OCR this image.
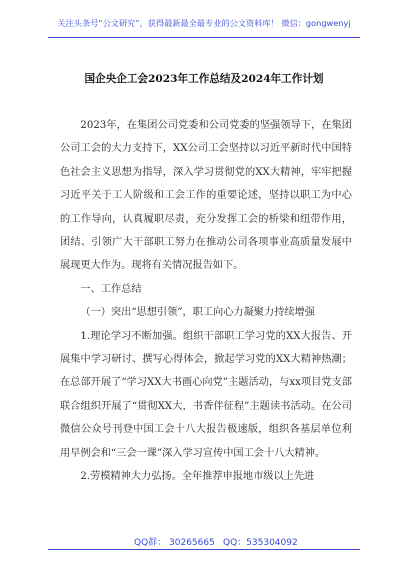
关注头条号“公文研究”，获得最新最全最专业的公文资料库！ 微信：gongwenyj
国企央企工会2023年工作总结及2024年工作计划

2023年，在集团公司党委和公司党委的坚强领导下，在集团公司工会的大力支持下，XX公司工会坚持以习近平新时代中国特色社会主义思想为指导，深入学习贯彻党的XX大精神，牢牢把握习近平关于工人阶级和工会工作的重要论述，坚持以职工为中心的工作导向，认真履职尽责，充分发挥工会的桥梁和纽带作用，团结、引领广大干部职工努力在推动公司各项事业高质量发展中展现更大作为。现将有关情况报告如下。

一、工作总结

（一）突出“思想引领”，职工向心力凝聚力持续增强

1.理论学习不断加强。组织干部职工学习党的XX大报告、开展集中学习研讨、撰写心得体会，掀起学习党的XX大精神热潮；在总部开展了“学习XX大书画心向党”主题活动，与xx项目党支部联合组织开展了“贯彻XX大，书香伴征程”主题读书活动。在公司微信公众号刊登中国工会十八大报告极速版，组织各基层单位利用早例会和“三会一课”深入学习宣传中国工会十八大精神。

2.劳模精神大力弘扬。全年推荐申报地市级以上先进

QQ群： 30265665 QQ：535304092
